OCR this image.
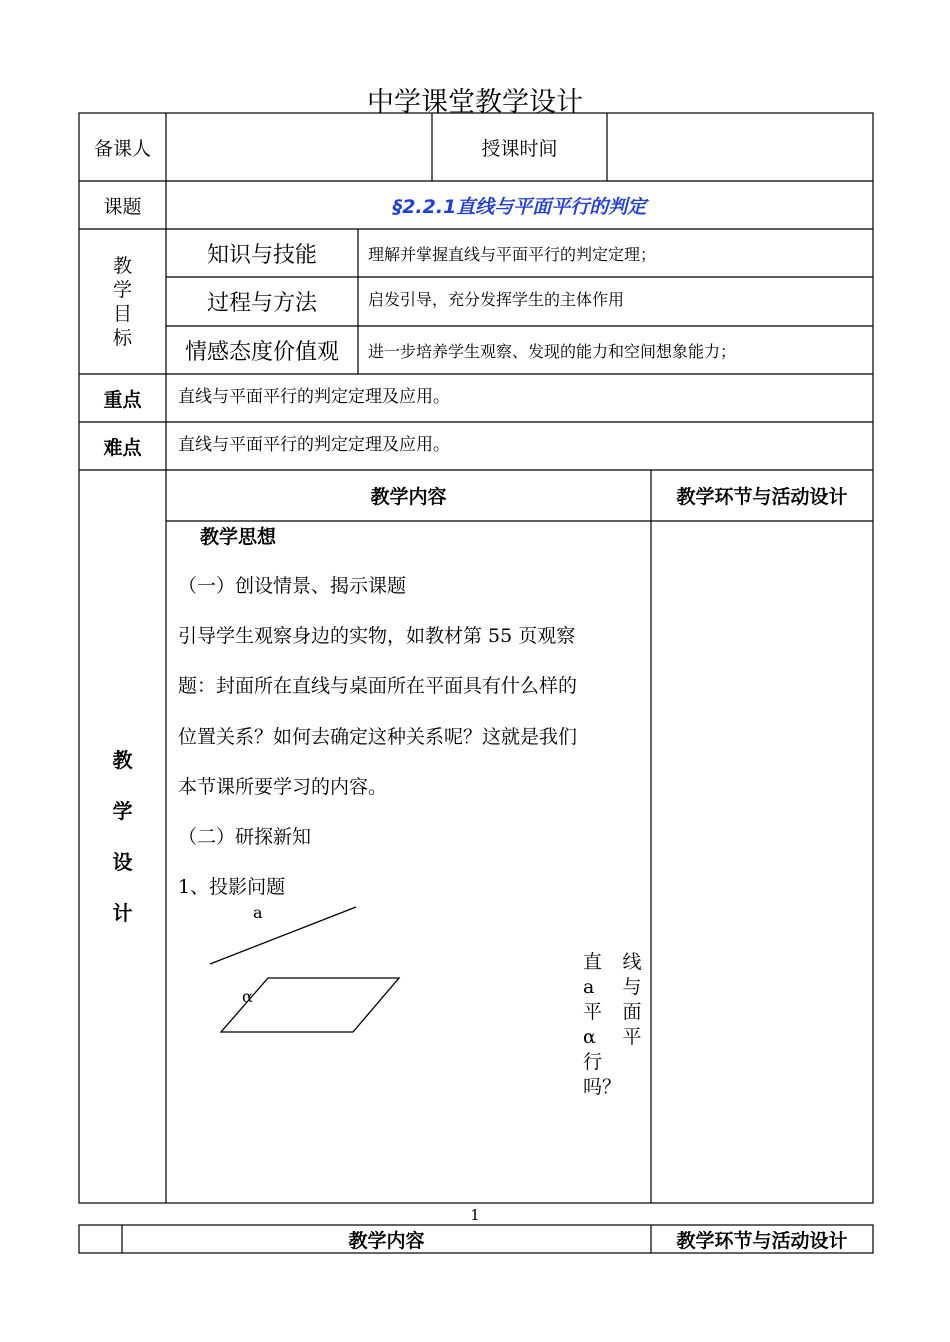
中学课堂教学设计
备课人	授课时间
课题	§2.2.1直线与平面平行的判定
教
学
目
标
知识与技能	理解并掌握直线与平面平行的判定定理；
过程与方法	启发引导，充分发挥学生的主体作用
情感态度价值观	进一步培养学生观察、发现的能力和空间想象能力；
重点	直线与平面平行的判定定理及应用。
难点	直线与平面平行的判定定理及应用。
教
学
设
计
教学内容	教学环节与活动设计
教学思想
（一）创设情景、揭示课题
引导学生观察身边的实物，如教材第 55 页观察
题：封面所在直线与桌面所在平面具有什么样的
位置关系？如何去确定这种关系呢？这就是我们
本节课所要学习的内容。
（二）研探新知
1、投影问题
a
α
直
a
平
α
行
吗？
线
与
面
平
1
教学内容	教学环节与活动设计
